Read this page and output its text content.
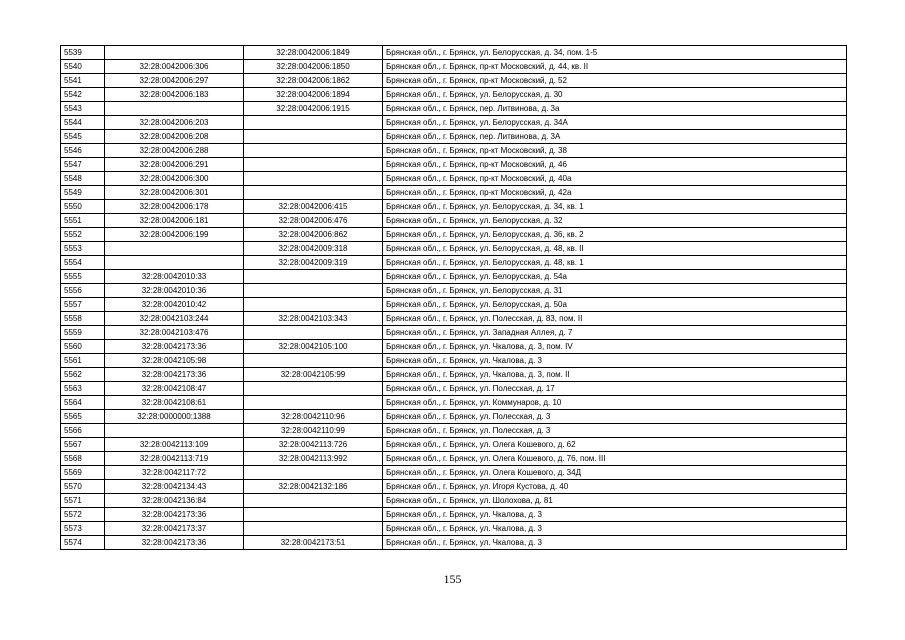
5539		32:28:0042006:1849	Брянская обл., г. Брянск, ул. Белорусская, д. 34, пом. 1-5
5540	32:28:0042006:306	32:28:0042006:1850	Брянская обл., г. Брянск, пр-кт Московский, д. 44, кв. II
5541	32:28:0042006:297	32:28:0042006:1862	Брянская обл., г. Брянск, пр-кт Московский, д. 52
5542	32:28:0042006:183	32:28:0042006:1894	Брянская обл., г. Брянск, ул. Белорусская, д. 30
5543		32:28:0042006:1915	Брянская обл., г. Брянск, пер. Литвинова, д. 3а
5544	32:28:0042006:203		Брянская обл., г. Брянск, ул. Белорусская, д. 34А
5545	32:28:0042006:208		Брянская обл., г. Брянск, пер. Литвинова, д. 3А
5546	32:28:0042006:288		Брянская обл., г. Брянск, пр-кт Московский, д. 38
5547	32:28:0042006:291		Брянская обл., г. Брянск, пр-кт Московский, д. 46
5548	32:28:0042006:300		Брянская обл., г. Брянск, пр-кт Московский, д. 40а
5549	32:28:0042006:301		Брянская обл., г. Брянск, пр-кт Московский, д. 42а
5550	32:28:0042006:178	32:28:0042006:415	Брянская обл., г. Брянск, ул. Белорусская, д. 34, кв. 1
5551	32:28:0042006:181	32:28:0042006:476	Брянская обл., г. Брянск, ул. Белорусская, д. 32
5552	32:28:0042006:199	32:28:0042006:862	Брянская обл., г. Брянск, ул. Белорусская, д. 36, кв. 2
5553		32:28:0042009:318	Брянская обл., г. Брянск, ул. Белорусская, д. 48, кв. II
5554		32:28:0042009:319	Брянская обл., г. Брянск, ул. Белорусская, д. 48, кв. 1
5555	32:28:0042010:33		Брянская обл., г. Брянск, ул. Белорусская, д. 54а
5556	32:28:0042010:36		Брянская обл., г. Брянск, ул. Белорусская, д. 31
5557	32:28:0042010:42		Брянская обл., г. Брянск, ул. Белорусская, д. 50а
5558	32:28:0042103:244	32:28:0042103:343	Брянская обл., г. Брянск, ул. Полесская, д. 83, пом. II
5559	32:28:0042103:476		Брянская обл., г. Брянск, ул. Западная Аллея, д. 7
5560	32:28:0042173:36	32:28:0042105:100	Брянская обл., г. Брянск, ул. Чкалова, д. 3, пом. IV
5561	32:28:0042105:98		Брянская обл., г. Брянск, ул. Чкалова, д. 3
5562	32:28:0042173:36	32:28:0042105:99	Брянская обл., г. Брянск, ул. Чкалова, д. 3, пом. II
5563	32:28:0042108:47		Брянская обл., г. Брянск, ул. Полесская, д. 17
5564	32:28:0042108:61		Брянская обл., г. Брянск, ул. Коммунаров, д. 10
5565	32:28:0000000:1388	32:28:0042110:96	Брянская обл., г. Брянск, ул. Полесская, д. 3
5566		32:28:0042110:99	Брянская обл., г. Брянск, ул. Полесская, д. 3
5567	32:28:0042113:109	32:28:0042113:726	Брянская обл., г. Брянск, ул. Олега Кошевого, д. 62
5568	32:28:0042113:719	32:28:0042113:992	Брянская обл., г. Брянск, ул. Олега Кошевого, д. 76, пом. III
5569	32:28:0042117:72		Брянская обл., г. Брянск, ул. Олега Кошевого, д. 34Д
5570	32:28:0042134:43	32:28:0042132:186	Брянская обл., г. Брянск, ул. Игоря Кустова, д. 40
5571	32:28:0042136:84		Брянская обл., г. Брянск, ул. Шолохова, д. 81
5572	32:28:0042173:36		Брянская обл., г. Брянск, ул. Чкалова, д. 3
5573	32:28:0042173:37		Брянская обл., г. Брянск, ул. Чкалова, д. 3
5574	32:28:0042173:36	32:28:0042173:51	Брянская обл., г. Брянск, ул. Чкалова, д. 3
155
